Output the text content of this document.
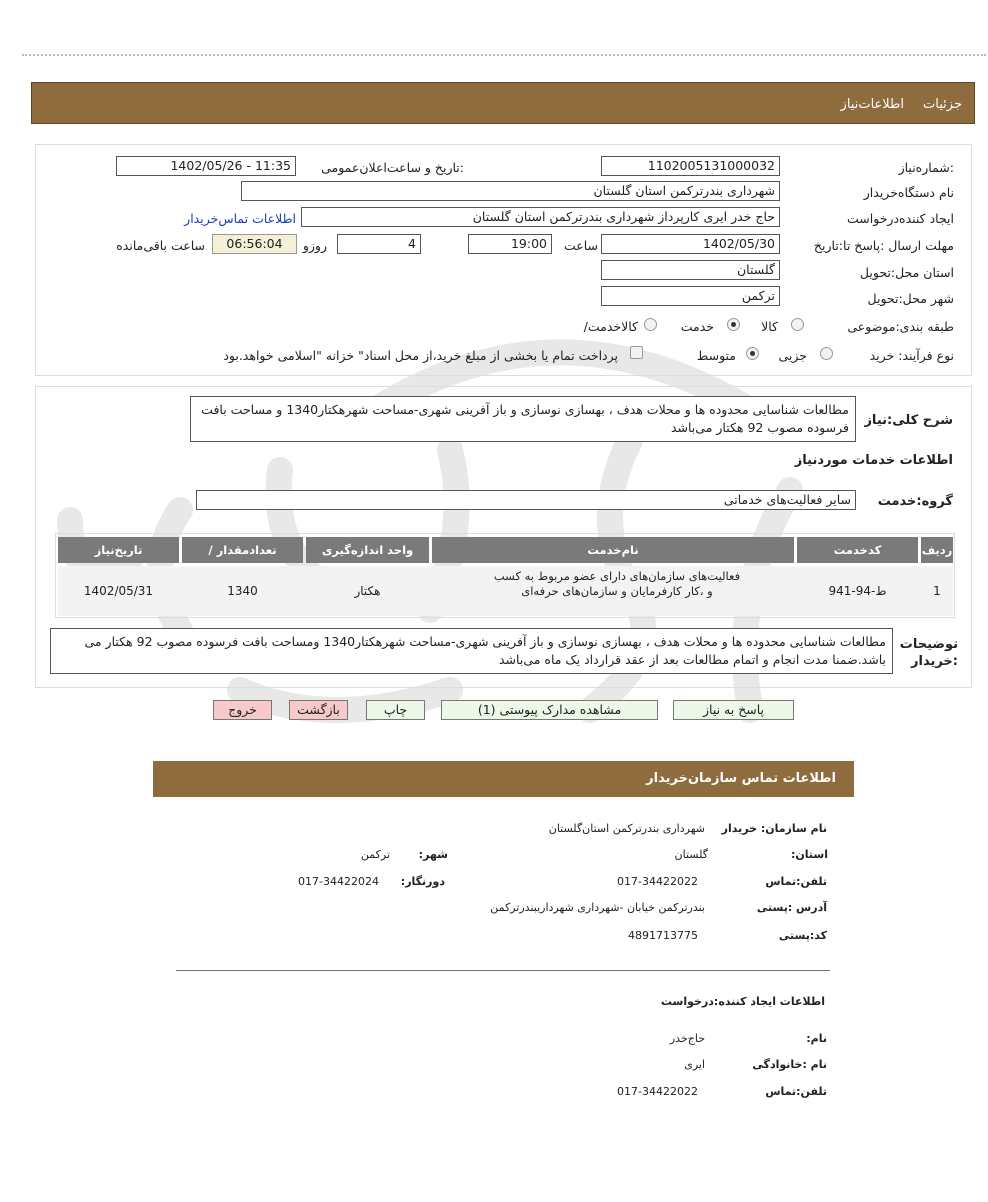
جزئیات
اطلاعات‌نیاز
شماره‌نیاز:
1102005131000032
تاریخ و ساعت‌اعلان‌عمومی:
1402/05/26 - 11:35
نام دستگاه‌خریدار
شهرداری بندرترکمن استان گلستان
ایجاد کننده‌درخواست
حاج خدر ایری کارپرداز شهرداری بندرترکمن استان گلستان
اطلاعات تماس‌خریدار
مهلت ارسال :پاسخ تا:تاریخ
1402/05/30
ساعت
19:00
4
روزو
06:56:04
ساعت باقی‌مانده
استان محل:تحویل
گلستان
شهر محل:تحویل
ترکمن
طبقه بندی:موضوعی
کالا
خدمت
/کالاخدمت
نوع فرآیند: خرید
جزیی
متوسط
پرداخت تمام یا بخشی از مبلغ خرید،از محل اسناد" خزانه "اسلامی خواهد.بود
شرح کلی:نیاز
مطالعات شناسایی محدوده ها و محلات هدف ، بهسازی نوسازی و باز آفرینی شهری-مساحت شهرهکتار1340 و مساحت بافت فرسوده مصوب 92 هکتار می‌باشد
اطلاعات خدمات موردنیاز
گروه:خدمت
سایر فعالیت‌های خدماتی
ردیف
کدخدمت
نام‌خدمت
واحد اندازه‌گیری
/ تعدادمقدار
تاریخ‌نیاز
1
ط-94-941
فعالیت‌های سازمان‌های دارای عضو مربوط به کسب و ،کار کارفرمایان و سازمان‌های حرفه‌ای
هکتار
1340
1402/05/31
توضیحات :خریدار
مطالعات شناسایی محدوده ها و محلات هدف ، بهسازی نوسازی و باز آفرینی شهری-مساحت شهرهکتار1340 ومساحت بافت فرسوده مصوب 92 هکتار می باشد.ضمنا مدت انجام و اتمام مطالعات بعد از عقد قرارداد یک ماه می‌باشد
پاسخ به نیاز
مشاهده مدارک پیوستی (1)
چاپ
بازگشت
خروج
اطلاعات تماس سازمان‌خریدار
نام سازمان: خریدار
شهرداری بندرترکمن استان‌گلستان
:استان
گلستان
:شهر
ترکمن
تلفن:تماس
017-34422022
:دورنگار
017-34422024
آدرس :پستی
بندرترکمن خیابان -شهرداری شهرداریبندرترکمن
کد:پستی
4891713775
اطلاعات ایجاد کننده:درخواست
:نام
حاج‌خدر
نام :خانوادگی
ایری
تلفن:تماس
017-34422022
